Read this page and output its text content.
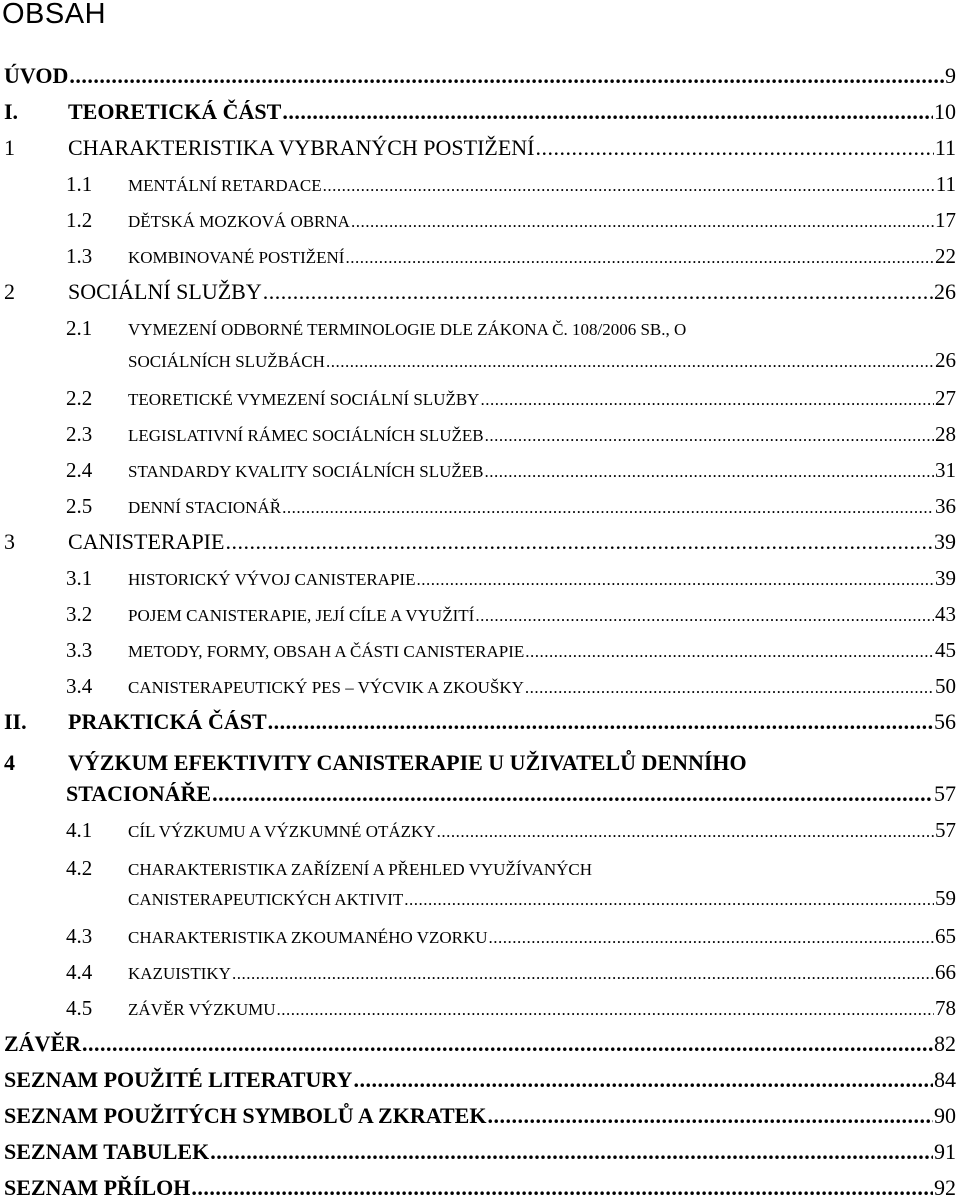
OBSAH
ÚVOD .....	9
I. TEORETICKÁ ČÁST .....	10
1 CHARAKTERISTIKA VYBRANÝCH POSTIŽENÍ .....	11
1.1 MENTÁLNÍ RETARDACE .....	11
1.2 DĚTSKÁ MOZKOVÁ OBRNA .....	17
1.3 KOMBINOVANÉ POSTIŽENÍ .....	22
2 SOCIÁLNÍ SLUŽBY .....	26
2.1 VYMEZENÍ ODBORNÉ TERMINOLOGIE DLE ZÁKONA Č. 108/2006 SB., O
SOCIÁLNÍCH SLUŽBÁCH .....	26
2.2 TEORETICKÉ VYMEZENÍ SOCIÁLNÍ SLUŽBY .....	27
2.3 LEGISLATIVNÍ RÁMEC SOCIÁLNÍCH SLUŽEB .....	28
2.4 STANDARDY KVALITY SOCIÁLNÍCH SLUŽEB .....	31
2.5 DENNÍ STACIONÁŘ .....	36
3 CANISTERAPIE .....	39
3.1 HISTORICKÝ VÝVOJ CANISTERAPIE .....	39
3.2 POJEM CANISTERAPIE, JEJÍ CÍLE A VYUŽITÍ .....	43
3.3 METODY, FORMY, OBSAH A ČÁSTI CANISTERAPIE .....	45
3.4 CANISTERAPEUTICKÝ PES – VÝCVIK A ZKOUŠKY .....	50
II. PRAKTICKÁ ČÁST .....	56
4 VÝZKUM EFEKTIVITY CANISTERAPIE U UŽIVATELŮ DENNÍHO
STACIONÁŘE .....	57
4.1 CÍL VÝZKUMU A VÝZKUMNÉ OTÁZKY .....	57
4.2 CHARAKTERISTIKA ZAŘÍZENÍ A PŘEHLED VYUŽÍVANÝCH
CANISTERAPEUTICKÝCH AKTIVIT .....	59
4.3 CHARAKTERISTIKA ZKOUMANÉHO VZORKU .....	65
4.4 KAZUISTIKY .....	66
4.5 ZÁVĚR VÝZKUMU .....	78
ZÁVĚR .....	82
SEZNAM POUŽITÉ LITERATURY .....	84
SEZNAM POUŽITÝCH SYMBOLŮ A ZKRATEK .....	90
SEZNAM TABULEK .....	91
SEZNAM PŘÍLOH .....	92
